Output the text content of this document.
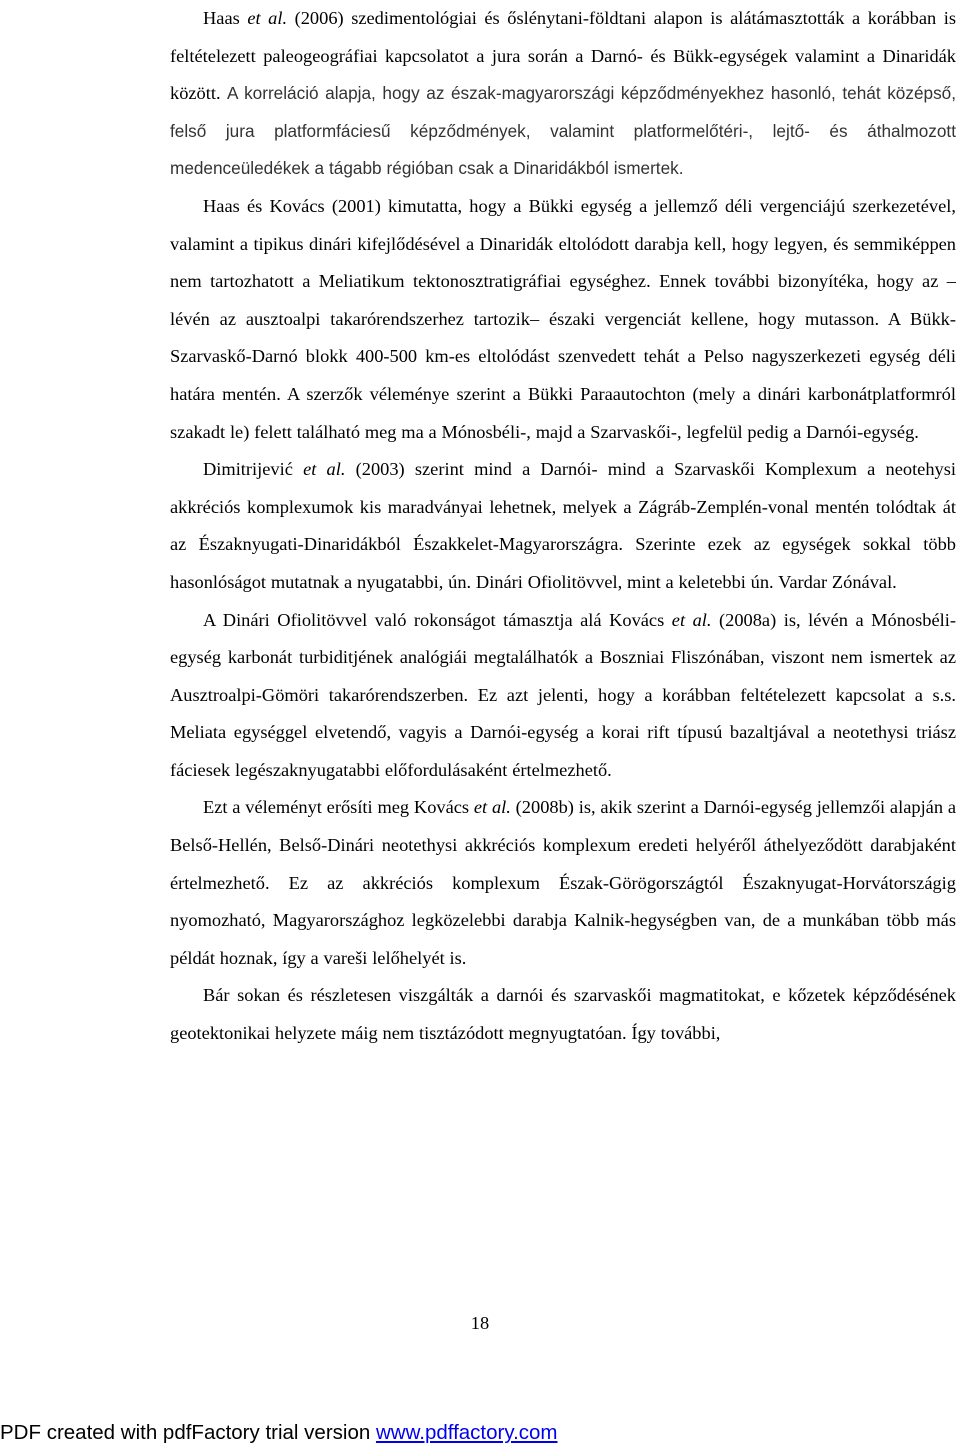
Haas et al. (2006) szedimentológiai és őslénytani-földtani alapon is alátámasztották a korábban is feltételezett paleogeográfiai kapcsolatot a jura során a Darnó- és Bükk-egységek valamint a Dinaridák között. A korreláció alapja, hogy az észak-magyarországi képződményekhez hasonló, tehát középső, felső jura platformfáciesű képződmények, valamint platformelőtéri-, lejtő- és áthalmozott medenceüledékek a tágabb régióban csak a Dinaridákból ismertek.

Haas és Kovács (2001) kimutatta, hogy a Bükki egység a jellemző déli vergenciájú szerkezetével, valamint a tipikus dinári kifejlődésével a Dinaridák eltolódott darabja kell, hogy legyen, és semmiképpen nem tartozhatott a Meliatikum tektonosztratigráfiai egységhez. Ennek további bizonyítéka, hogy az –lévén az ausztoalpi takarórendszerhez tartozik– északi vergenciát kellene, hogy mutasson. A Bükk-Szarvaskő-Darnó blokk 400-500 km-es eltolódást szenvedett tehát a Pelso nagyszerkezeti egység déli határa mentén. A szerzők véleménye szerint a Bükki Paraautochton (mely a dinári karbonátplatformról szakadt le) felett található meg ma a Mónosbéli-, majd a Szarvaskői-, legfelül pedig a Darnói-egység.

Dimitrijević et al. (2003) szerint mind a Darnói- mind a Szarvaskői Komplexum a neotehysi akkréciós komplexumok kis maradványai lehetnek, melyek a Zágráb-Zemplén-vonal mentén tolódtak át az Északnyugati-Dinaridákból Északkelet-Magyarországra. Szerinte ezek az egységek sokkal több hasonlóságot mutatnak a nyugatabbi, ún. Dinári Ofiolitövvel, mint a keletebbi ún. Vardar Zónával.

A Dinári Ofiolitövvel való rokonságot támasztja alá Kovács et al. (2008a) is, lévén a Mónosbéli-egység karbonát turbiditjének analógiái megtalálhatók a Boszniai Fliszónában, viszont nem ismertek az Ausztroalpi-Gömöri takarórendszerben. Ez azt jelenti, hogy a korábban feltételezett kapcsolat a s.s. Meliata egységgel elvetendő, vagyis a Darnói-egység a korai rift típusú bazaltjával a neotethysi triász fáciesek legészaknyugatabbi előfordulásaként értelmezhető.

Ezt a véleményt erősíti meg Kovács et al. (2008b) is, akik szerint a Darnói-egység jellemzői alapján a Belső-Hellén, Belső-Dinári neotethysi akkréciós komplexum eredeti helyéről áthelyeződött darabjaként értelmezhető. Ez az akkréciós komplexum Észak-Görögországtól Északnyugat-Horvátországig nyomozható, Magyarországhoz legközelebbi darabja Kalnik-hegységben van, de a munkában több más példát hoznak, így a vareši lelőhelyét is.

Bár sokan és részletesen viszgálták a darnói és szarvaskői magmatitokat, e kőzetek képződésének geotektonikai helyzete máig nem tisztázódott megnyugtatóan. Így további,

18
PDF created with pdfFactory trial version www.pdffactory.com
